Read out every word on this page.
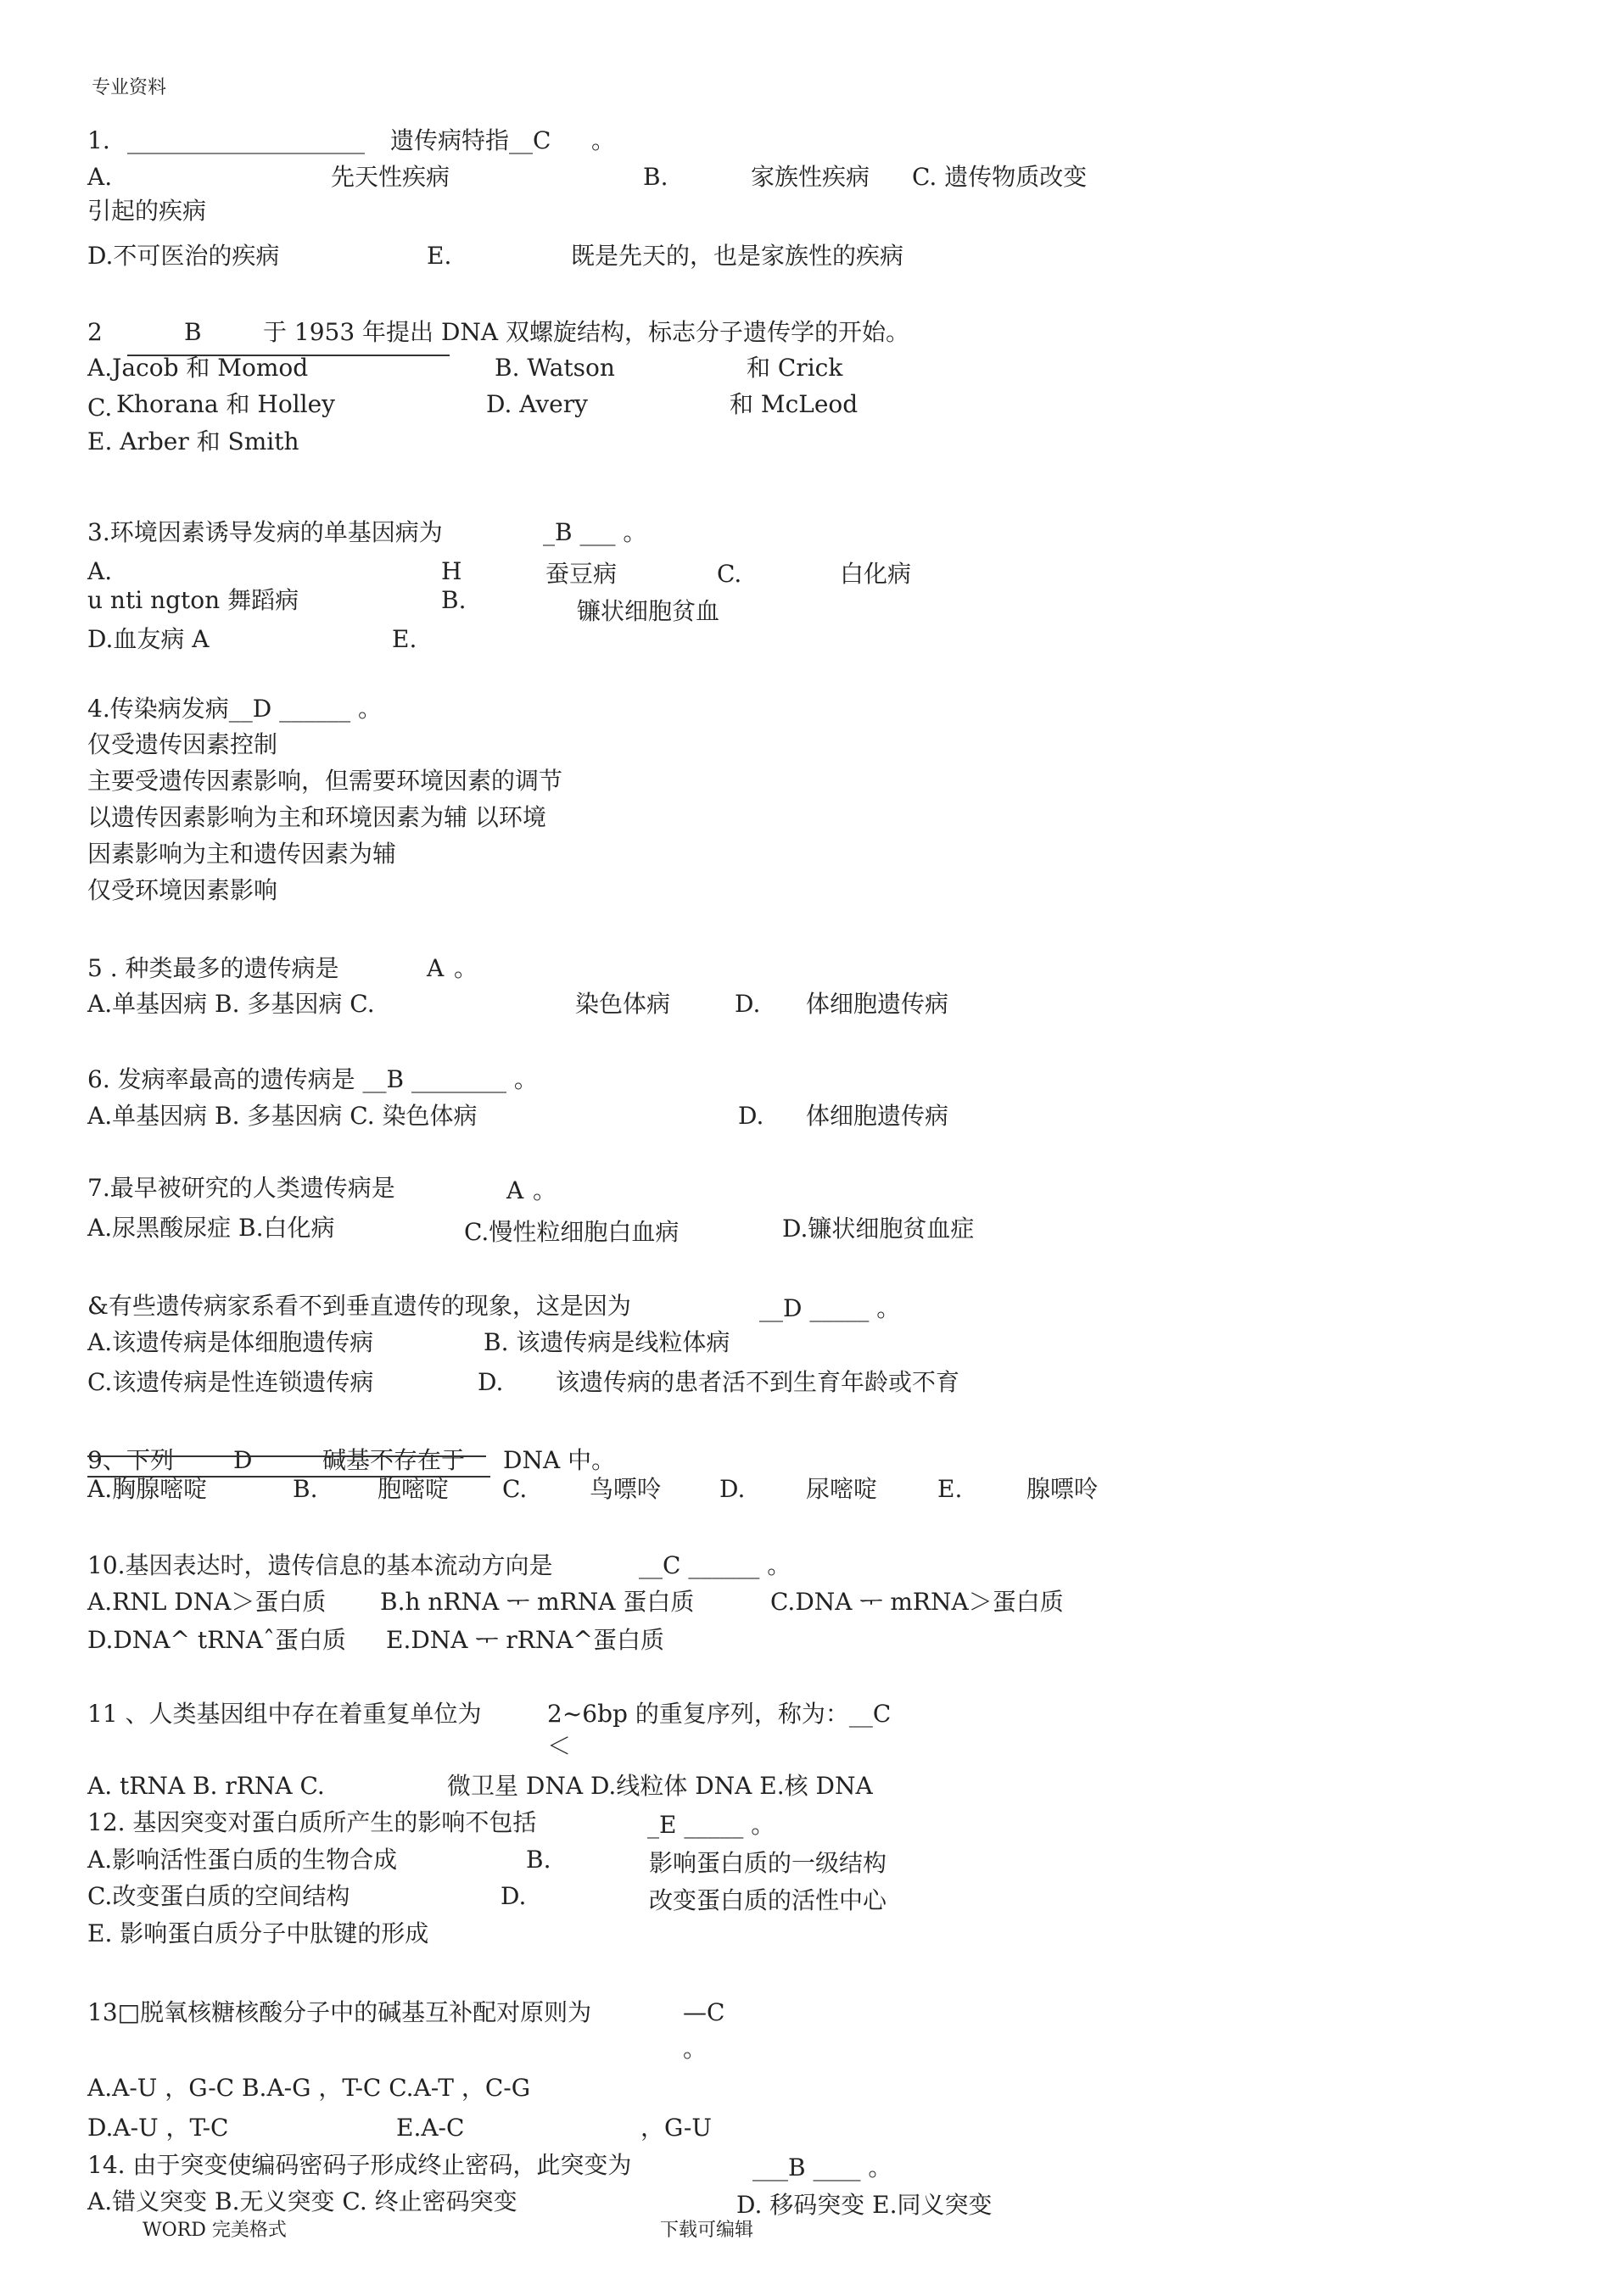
专业资料
1. ____________________ 遗传病特指__C 。
A.	先天性疾病	B.	家族性疾病 C. 遗传物质改变
引起的疾病
D.不可医治的疾病	E.	既是先天的，也是家族性的疾病
2	B	于 1953 年提出 DNA 双螺旋结构，标志分子遗传学的开始。
A.Jacob 和 Momod	B. Watson	和 Crick
C. Khorana 和 Holley	D. Avery	和 McLeod
E. Arber 和 Smith
3.环境因素诱导发病的单基因病为	_B ___ 。
A.	H	蚕豆病	C.	白化病
u nti ngton 舞蹈病	B.	镰状细胞贫血
D.血友病 A	E.
4.传染病发病__D ______ 。
仅受遗传因素控制
主要受遗传因素影响，但需要环境因素的调节
以遗传因素影响为主和环境因素为辅 以环境
因素影响为主和遗传因素为辅
仅受环境因素影响
5 . 种类最多的遗传病是	A 。
A.单基因病 B. 多基因病 C.	染色体病	D. 体细胞遗传病
6. 发病率最高的遗传病是 __B ________ 。
A.单基因病 B. 多基因病 C. 染色体病	D. 体细胞遗传病
7.最早被研究的人类遗传病是	A 。
A.尿黑酸尿症 B.白化病	C.慢性粒细胞白血病	D.镰状细胞贫血症
&有些遗传病家系看不到垂直遗传的现象，这是因为	__D _____ 。
A.该遗传病是体细胞遗传病	B. 该遗传病是线粒体病
C.该遗传病是性连锁遗传病	D. 该遗传病的患者活不到生育年龄或不育
9、下列	D	碱基不存在于 DNA 中。
A.胸腺嘧啶	B.	胞嘧啶 C.	鸟嘌呤 D.	尿嘧啶	E.	腺嘌呤
10.基因表达时，遗传信息的基本流动方向是	__C ______ 。
A.RNL DNA＞蛋白质 B.h nRNA ᅮ mRNA 蛋白质	C.DNA ᅮ mRNA＞蛋白质
D.DNA^ tRNAˆ蛋白质 E.DNA ᅮ rRNA^蛋白质
11 、人类基因组中存在着重复单位为	2~6bp 的重复序列，称为：__C
＜
A. tRNA B. rRNA C.	微卫星 DNA D.线粒体 DNA E.核 DNA
12. 基因突变对蛋白质所产生的影响不包括	_E _____ 。
A.影响活性蛋白质的生物合成	B.	影响蛋白质的一级结构
C.改变蛋白质的空间结构	D.	改变蛋白质的活性中心
E. 影响蛋白质分子中肽键的形成
13□脱氧核糖核酸分子中的碱基互补配对原则为	—C
。
A.A-U ，G-C B.A-G ，T-C C.A-T ，C-G
D.A-U ，T-C	E.A-C	，G-U
14. 由于突变使编码密码子形成终止密码，此突变为	___B ____ 。
A.错义突变 B.无义突变 C. 终止密码突变	D. 移码突变 E.同义突变
WORD 完美格式	下载可编辑
